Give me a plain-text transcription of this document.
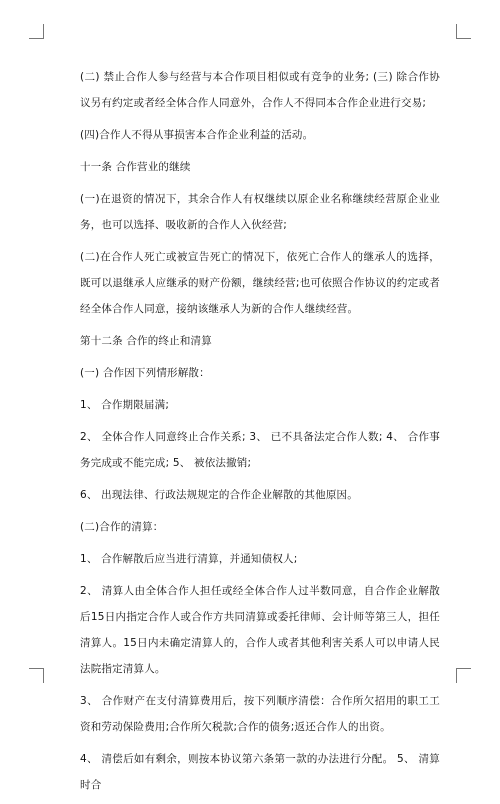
(二) 禁止合作人参与经营与本合作项目相似或有竞争的业务; (三) 除合作协议另有约定或者经全体合作人同意外，合作人不得同本合作企业进行交易;

(四)合作人不得从事损害本合作企业利益的活动。

十一条 合作营业的继续

(一)在退资的情况下，其余合作人有权继续以原企业名称继续经营原企业业务，也可以选择、吸收新的合作人入伙经营;

(二)在合作人死亡或被宣告死亡的情况下，依死亡合作人的继承人的选择，既可以退继承人应继承的财产份额，继续经营;也可依照合作协议的约定或者经全体合作人同意，接纳该继承人为新的合作人继续经营。

第十二条 合作的终止和清算

(一) 合作因下列情形解散：

1、 合作期限届满;

2、 全体合作人同意终止合作关系; 3、 已不具备法定合作人数; 4、 合作事务完成或不能完成; 5、 被依法撤销;

6、 出现法律、行政法规规定的合作企业解散的其他原因。

(二)合作的清算：

1、 合作解散后应当进行清算，并通知债权人;

2、 清算人由全体合作人担任或经全体合作人过半数同意，自合作企业解散后15日内指定合作人或合作方共同清算或委托律师、会计师等第三人，担任清算人。15日内未确定清算人的，合作人或者其他利害关系人可以申请人民法院指定清算人。

3、 合作财产在支付清算费用后，按下列顺序清偿：合作所欠招用的职工工资和劳动保险费用;合作所欠税款;合作的债务;返还合作人的出资。

4、 清偿后如有剩余，则按本协议第六条第一款的办法进行分配。 5、 清算时合
